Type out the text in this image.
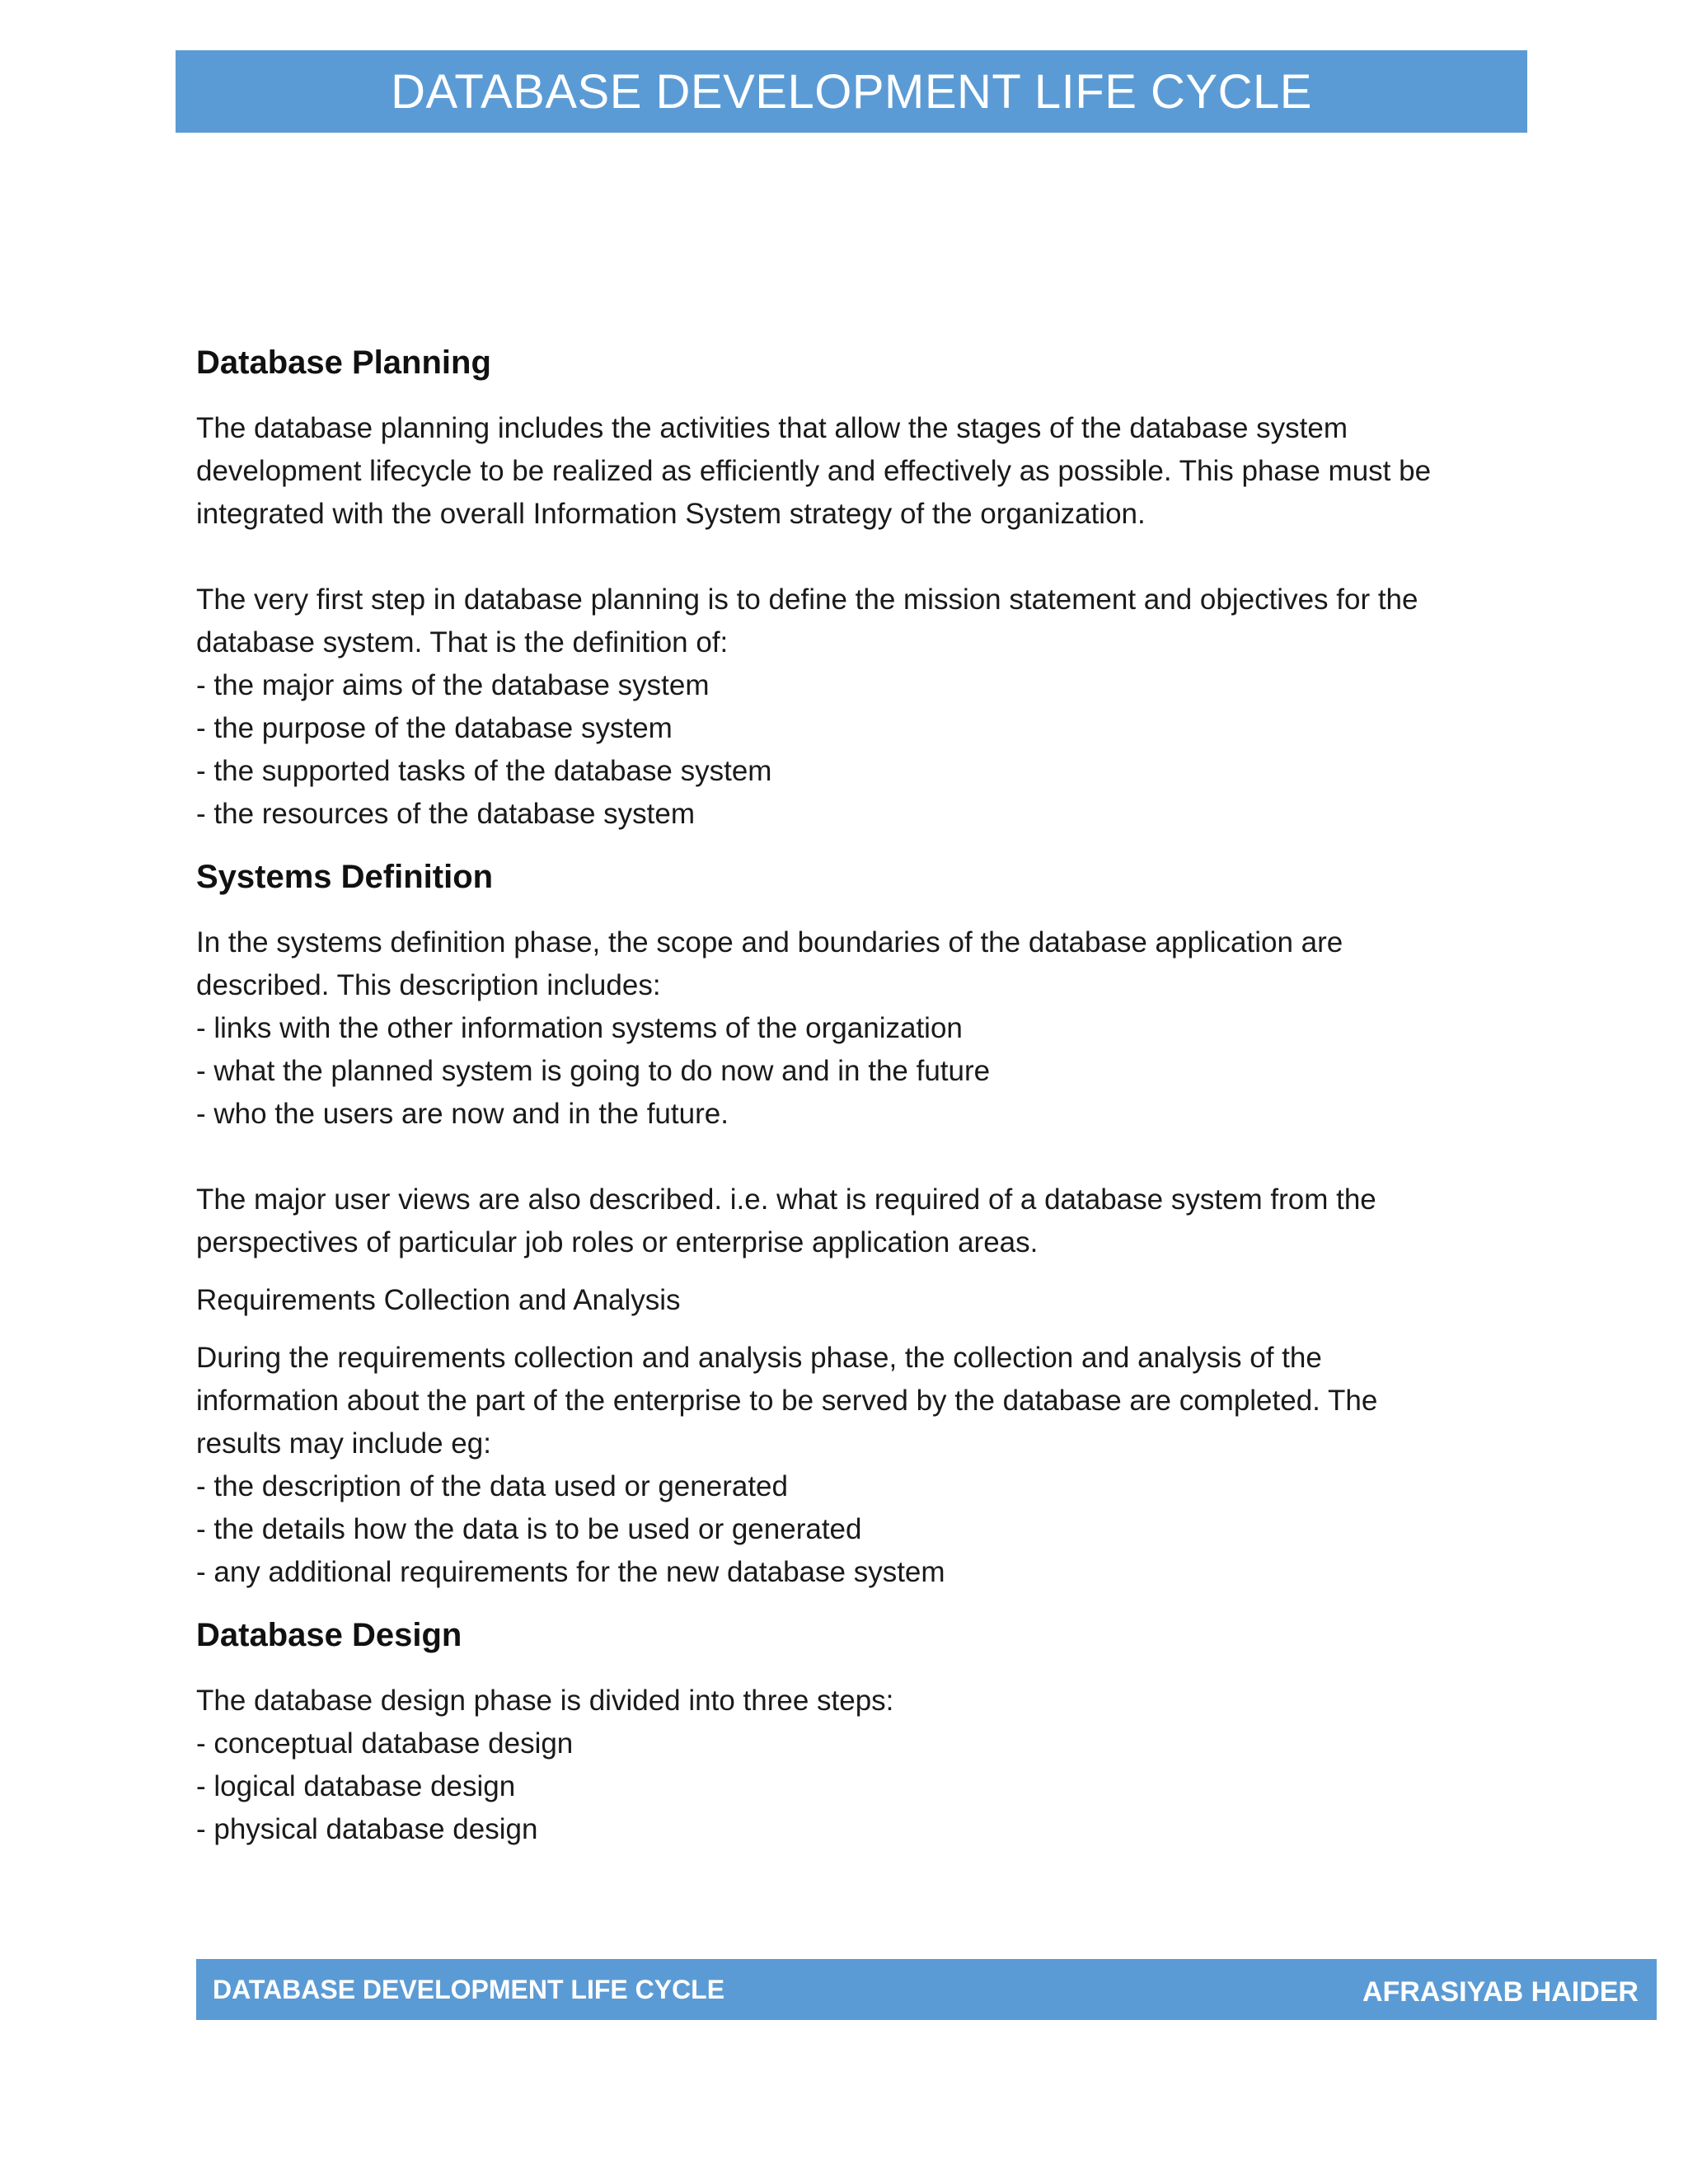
DATABASE DEVELOPMENT LIFE CYCLE
Database Planning

The database planning includes the activities that allow the stages of the database system development lifecycle to be realized as efficiently and effectively as possible. This phase must be integrated with the overall Information System strategy of the organization.

The very first step in database planning is to define the mission statement and objectives for the database system. That is the definition of:

- the major aims of the database system
- the purpose of the database system
- the supported tasks of the database system
- the resources of the database system
Systems Definition

In the systems definition phase, the scope and boundaries of the database application are described. This description includes:

- links with the other information systems of the organization
- what the planned system is going to do now and in the future
- who the users are now and in the future.

The major user views are also described. i.e. what is required of a database system from the perspectives of particular job roles or enterprise application areas.

Requirements Collection and Analysis

During the requirements collection and analysis phase, the collection and analysis of the information about the part of the enterprise to be served by the database are completed. The results may include eg:

- the description of the data used or generated
- the details how the data is to be used or generated
- any additional requirements for the new database system
Database Design

The database design phase is divided into three steps:

- conceptual database design
- logical database design
- physical database design
DATABASE DEVELOPMENT LIFE CYCLE	AFRASIYAB HAIDER
